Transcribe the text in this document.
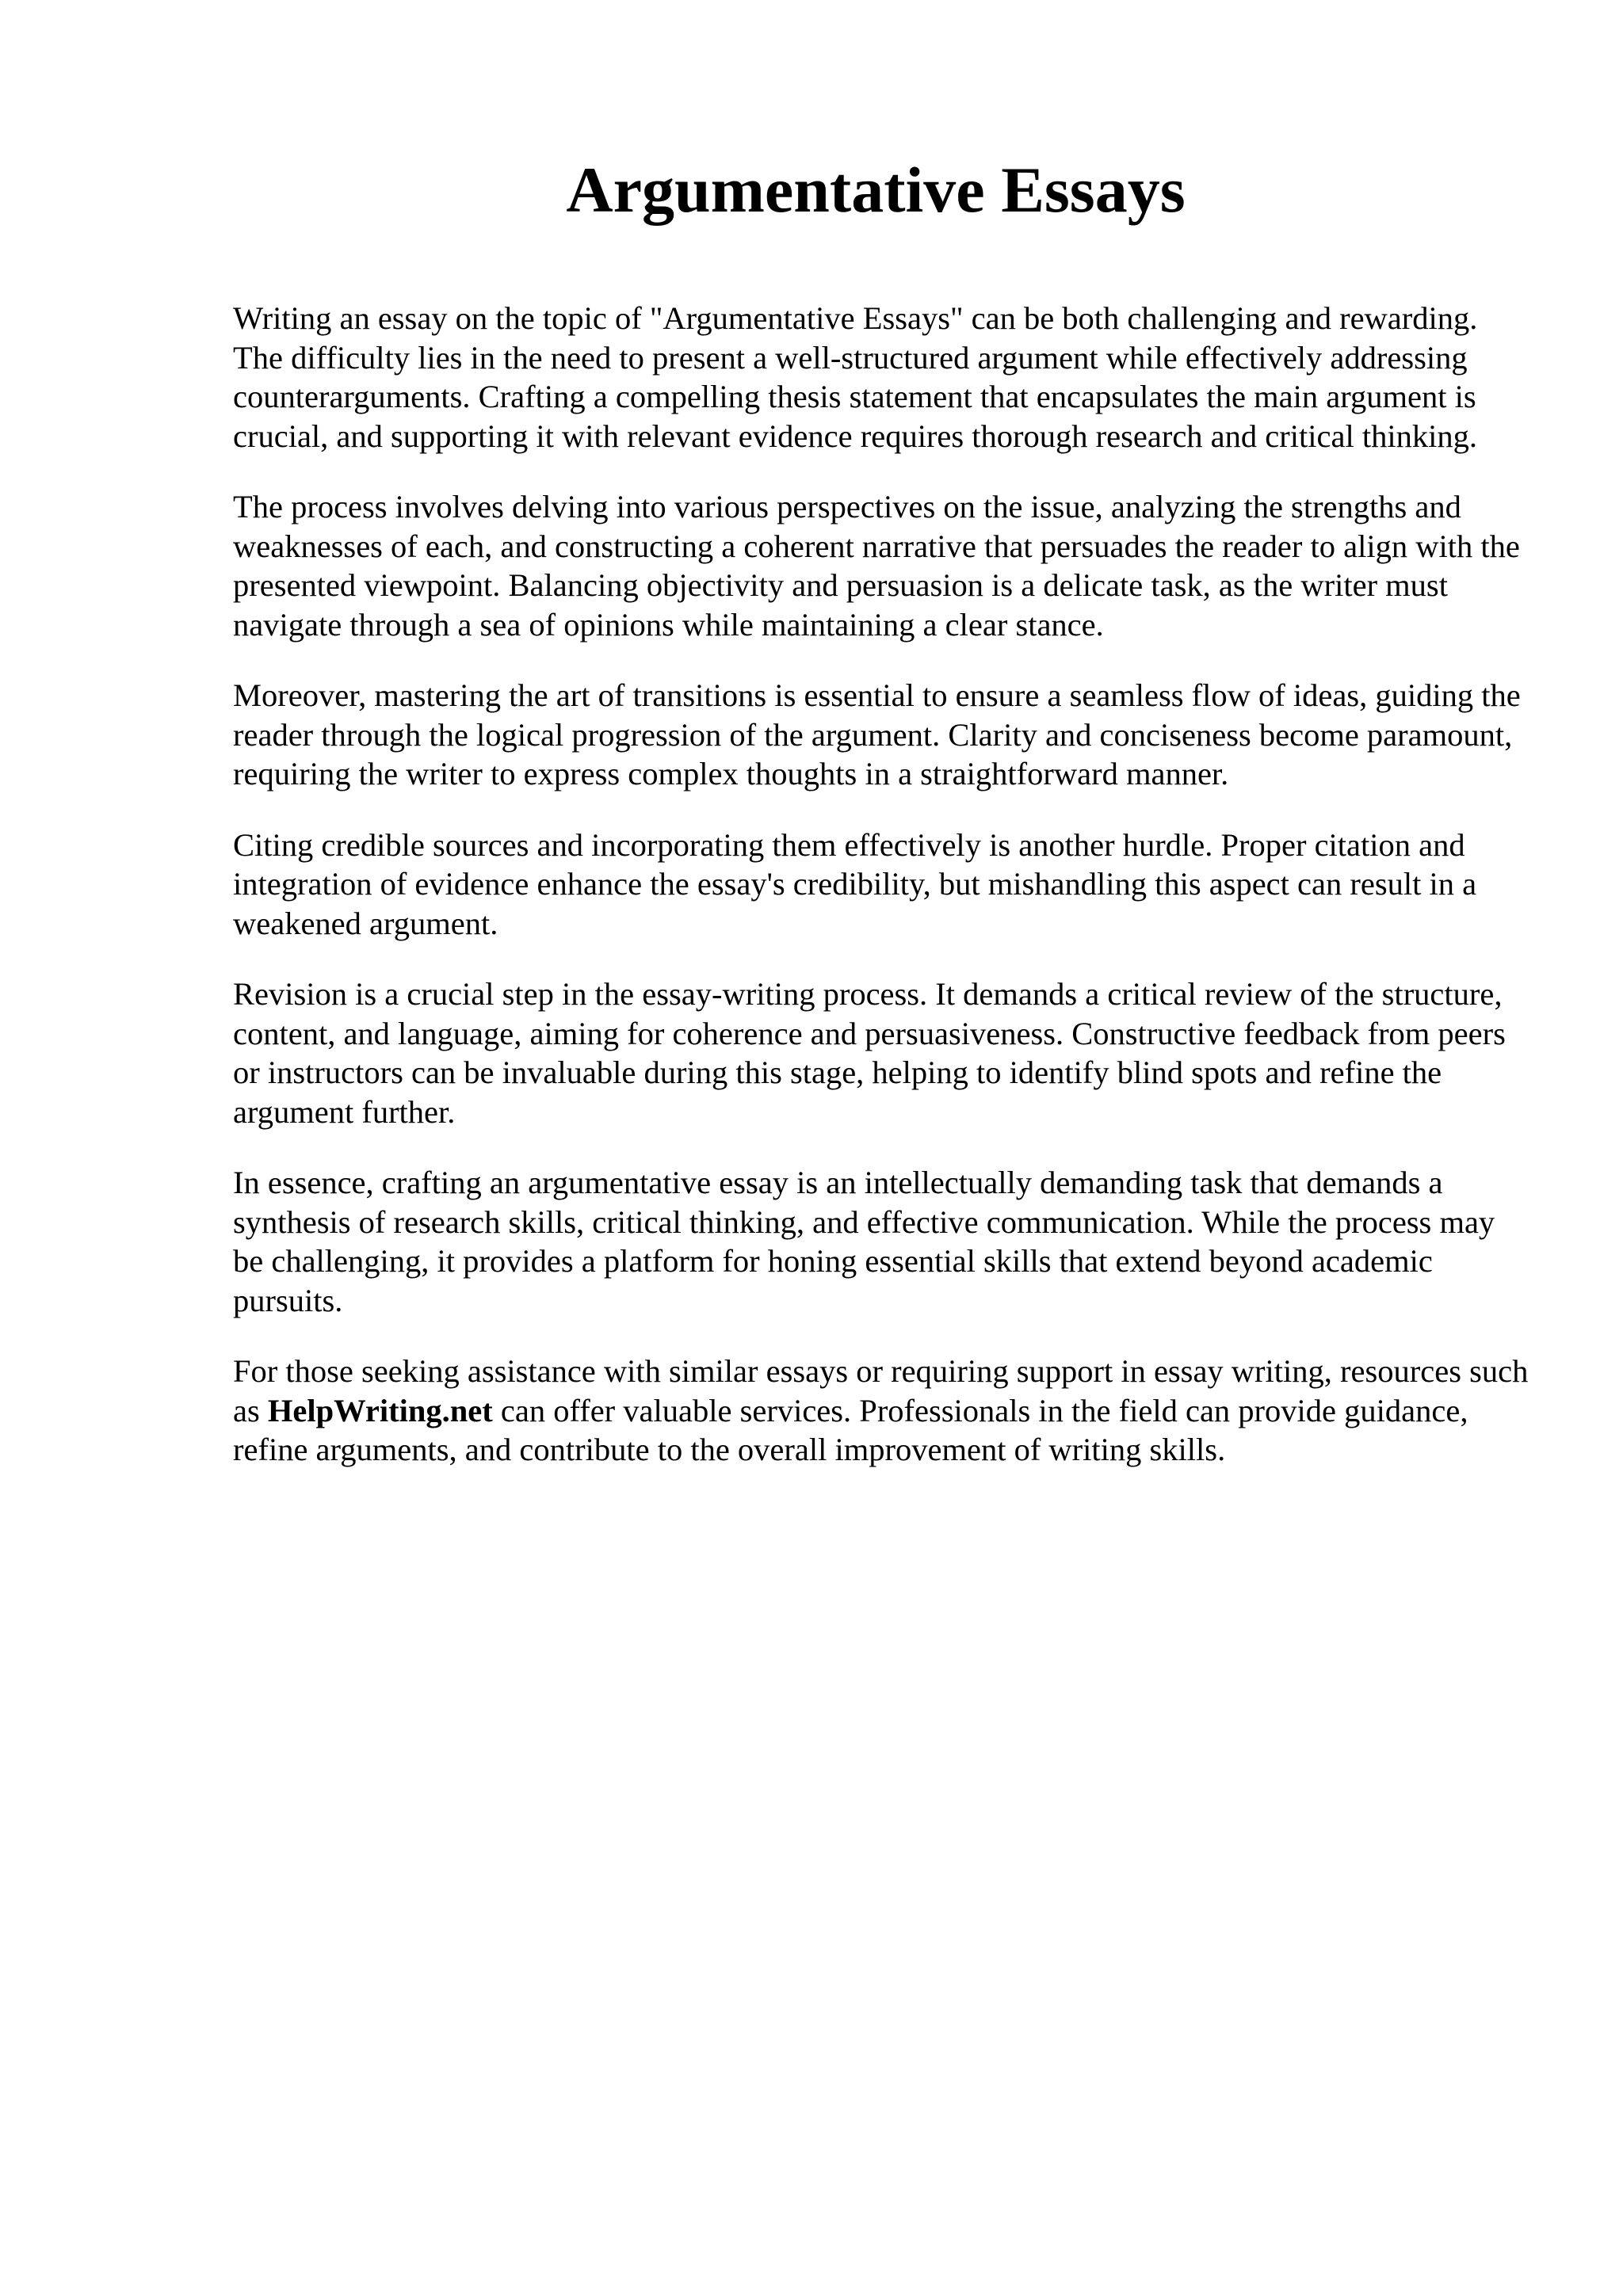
Argumentative Essays

Writing an essay on the topic of "Argumentative Essays" can be both challenging and rewarding. The difficulty lies in the need to present a well-structured argument while effectively addressing counterarguments. Crafting a compelling thesis statement that encapsulates the main argument is crucial, and supporting it with relevant evidence requires thorough research and critical thinking.

The process involves delving into various perspectives on the issue, analyzing the strengths and weaknesses of each, and constructing a coherent narrative that persuades the reader to align with the presented viewpoint. Balancing objectivity and persuasion is a delicate task, as the writer must navigate through a sea of opinions while maintaining a clear stance.

Moreover, mastering the art of transitions is essential to ensure a seamless flow of ideas, guiding the reader through the logical progression of the argument. Clarity and conciseness become paramount, requiring the writer to express complex thoughts in a straightforward manner.

Citing credible sources and incorporating them effectively is another hurdle. Proper citation and integration of evidence enhance the essay's credibility, but mishandling this aspect can result in a weakened argument.

Revision is a crucial step in the essay-writing process. It demands a critical review of the structure, content, and language, aiming for coherence and persuasiveness. Constructive feedback from peers or instructors can be invaluable during this stage, helping to identify blind spots and refine the argument further.

In essence, crafting an argumentative essay is an intellectually demanding task that demands a synthesis of research skills, critical thinking, and effective communication. While the process may be challenging, it provides a platform for honing essential skills that extend beyond academic pursuits.

For those seeking assistance with similar essays or requiring support in essay writing, resources such as HelpWriting.net can offer valuable services. Professionals in the field can provide guidance, refine arguments, and contribute to the overall improvement of writing skills.
